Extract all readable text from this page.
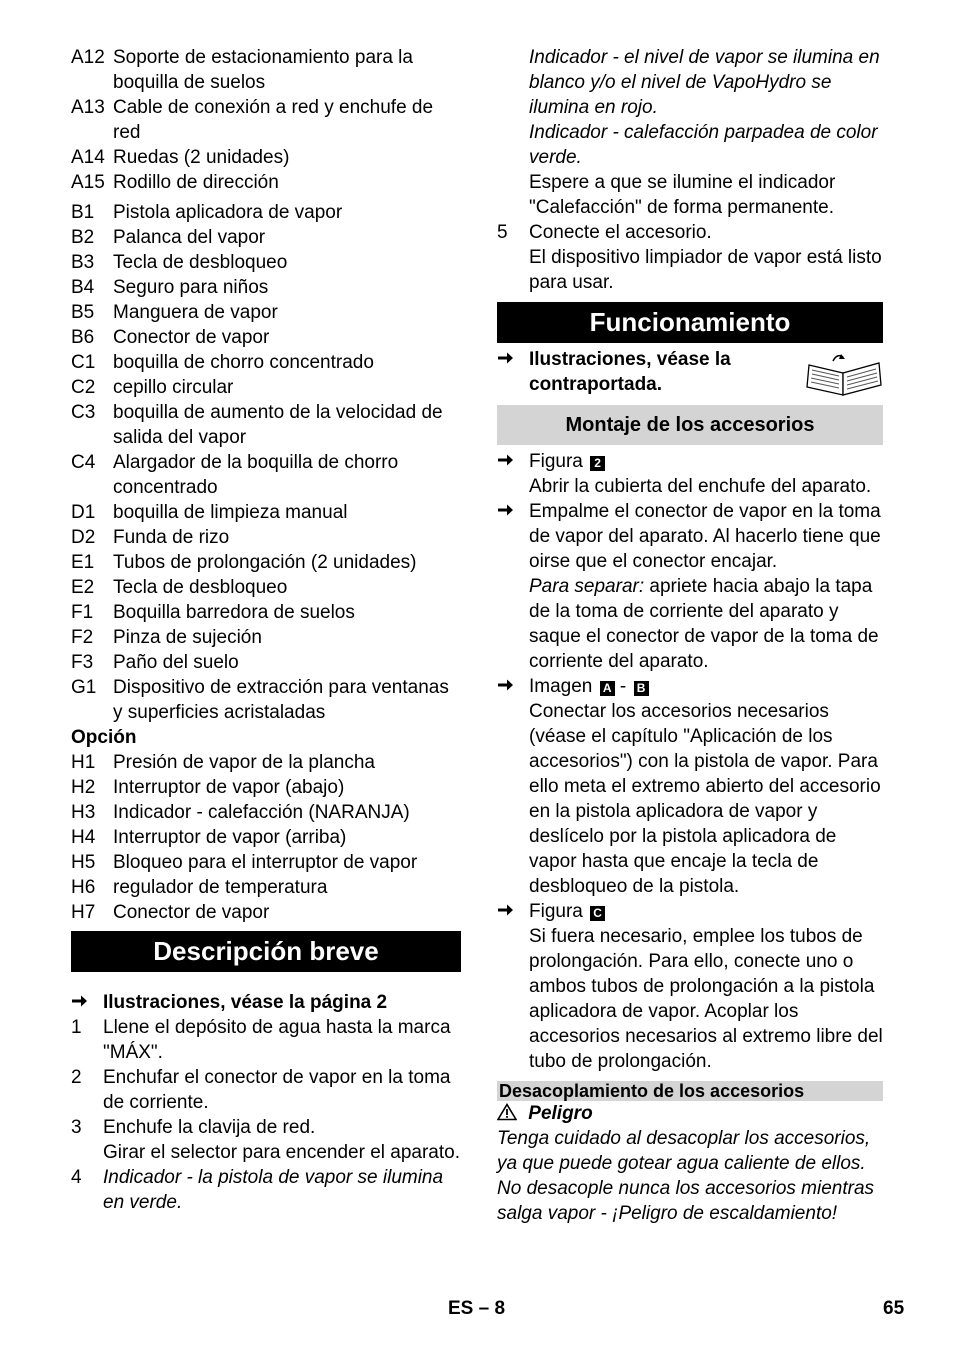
A12 Soporte de estacionamiento para la boquilla de suelos
A13 Cable de conexión a red y enchufe de red
A14 Ruedas (2 unidades)
A15 Rodillo de dirección
B1 Pistola aplicadora de vapor
B2 Palanca del vapor
B3 Tecla de desbloqueo
B4 Seguro para niños
B5 Manguera de vapor
B6 Conector de vapor
C1 boquilla de chorro concentrado
C2 cepillo circular
C3 boquilla de aumento de la velocidad de salida del vapor
C4 Alargador de la boquilla de chorro concentrado
D1 boquilla de limpieza manual
D2 Funda de rizo
E1 Tubos de prolongación (2 unidades)
E2 Tecla de desbloqueo
F1	Boquilla barredora de suelos
F2	Pinza de sujeción
F3	Paño del suelo
G1 Dispositivo de extracción para ventanas y superficies acristaladas
Opción
H1 Presión de vapor de la plancha
H2 Interruptor de vapor (abajo)
H3 Indicador - calefacción (NARANJA)
H4 Interruptor de vapor (arriba)
H5 Bloqueo para el interruptor de vapor
H6 regulador de temperatura
H7 Conector de vapor
Descripción breve
Ilustraciones, véase la página 2
1	Llene el depósito de agua hasta la marca "MÁX".
2	Enchufar el conector de vapor en la toma de corriente.
3	Enchufe la clavija de red.
Girar el selector para encender el aparato.
4	Indicador - la pistola de vapor se ilumina en verde.
Indicador - el nivel de vapor se ilumina en blanco y/o el nivel de VapoHydro se ilumina en rojo.
Indicador - calefacción parpadea de color verde.
Espere a que se ilumine el indicador "Calefacción" de forma permanente.
5	Conecte el accesorio.
El dispositivo limpiador de vapor está listo para usar.
Funcionamiento
Ilustraciones, véase la contraportada.
Montaje de los accesorios
Figura 2
Abrir la cubierta del enchufe del aparato.
Empalme el conector de vapor en la toma de vapor del aparato. Al hacerlo tiene que oirse que el conector encajar.
Para separar: apriete hacia abajo la tapa de la toma de corriente del aparato y saque el conector de vapor de la toma de corriente del aparato.
Imagen A - B
Conectar los accesorios necesarios (véase el capítulo "Aplicación de los accesorios") con la pistola de vapor. Para ello meta el extremo abierto del accesorio en la pistola aplicadora de vapor y deslícelo por la pistola aplicadora de vapor hasta que encaje la tecla de desbloqueo de la pistola.
Figura C
Si fuera necesario, emplee los tubos de prolongación. Para ello, conecte uno o ambos tubos de prolongación a la pistola aplicadora de vapor. Acoplar los accesorios necesarios al extremo libre del tubo de prolongación.
Desacoplamiento de los accesorios
Peligro
Tenga cuidado al desacoplar los accesorios, ya que puede gotear agua caliente de ellos. No desacople nunca los accesorios mientras salga vapor - ¡Peligro de escaldamiento!
ES – 8	65
